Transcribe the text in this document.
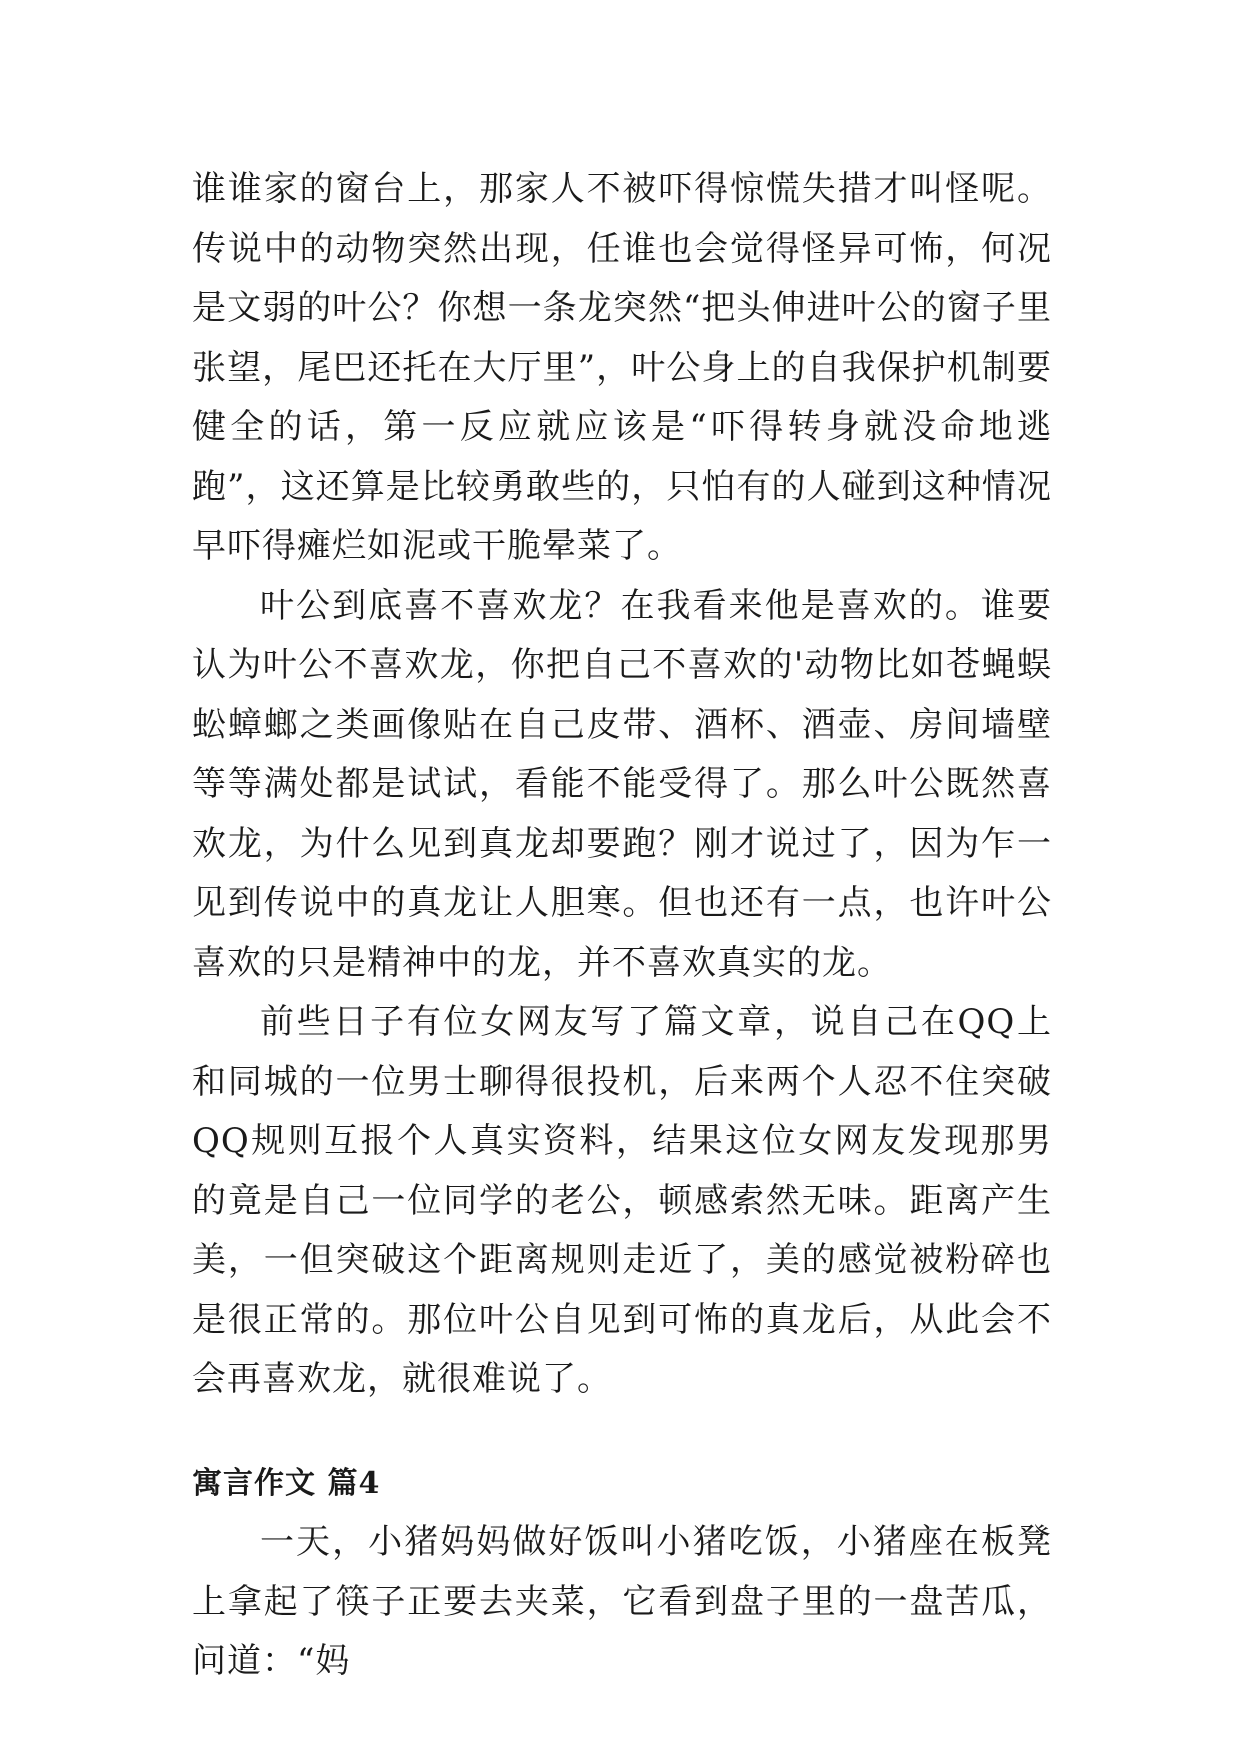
谁谁家的窗台上，那家人不被吓得惊慌失措才叫怪呢。传说中的动物突然出现，任谁也会觉得怪异可怖，何况是文弱的叶公？你想一条龙突然“把头伸进叶公的窗子里张望，尾巴还托在大厅里”，叶公身上的自我保护机制要健全的话，第一反应就应该是“吓得转身就没命地逃跑”，这还算是比较勇敢些的，只怕有的人碰到这种情况早吓得瘫烂如泥或干脆晕菜了。

叶公到底喜不喜欢龙？在我看来他是喜欢的。谁要认为叶公不喜欢龙，你把自己不喜欢的'动物比如苍蝇蜈蚣蟑螂之类画像贴在自己皮带、酒杯、酒壶、房间墙壁等等满处都是试试，看能不能受得了。那么叶公既然喜欢龙，为什么见到真龙却要跑？刚才说过了，因为乍一见到传说中的真龙让人胆寒。但也还有一点，也许叶公喜欢的只是精神中的龙，并不喜欢真实的龙。

前些日子有位女网友写了篇文章，说自己在QQ上和同城的一位男士聊得很投机，后来两个人忍不住突破QQ规则互报个人真实资料，结果这位女网友发现那男的竟是自己一位同学的老公，顿感索然无味。距离产生美，一但突破这个距离规则走近了，美的感觉被粉碎也是很正常的。那位叶公自见到可怖的真龙后，从此会不会再喜欢龙，就很难说了。

寓言作文 篇4

一天，小猪妈妈做好饭叫小猪吃饭，小猪座在板凳上拿起了筷子正要去夹菜，它看到盘子里的一盘苦瓜，问道：“妈
